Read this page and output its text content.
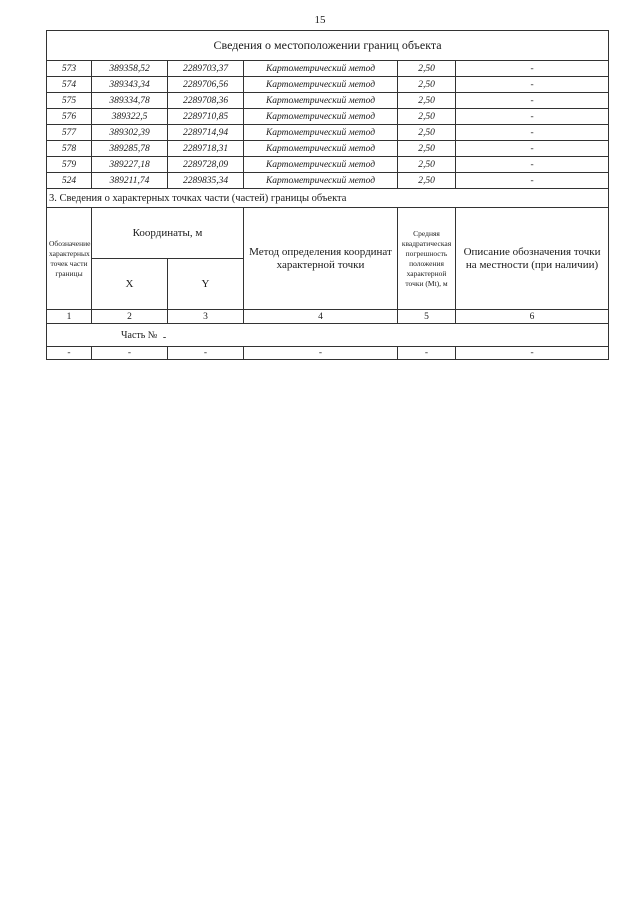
15
Сведения о местоположении границ объекта					
573	389358,52	2289703,37	Картометрический метод	2,50	-
574	389343,34	2289706,56	Картометрический метод	2,50	-
575	389334,78	2289708,36	Картометрический метод	2,50	-
576	389322,5	2289710,85	Картометрический метод	2,50	-
577	389302,39	2289714,94	Картометрический метод	2,50	-
578	389285,78	2289718,31	Картометрический метод	2,50	-
579	389227,18	2289728,09	Картометрический метод	2,50	-
524	389211,74	2289835,34	Картометрический метод	2,50	-
3. Сведения о характерных точках части (частей) границы объекта					
Обозначение характерных точек части границы	Координаты, м		Метод определения координат характерной точки	Средняя квадратическая погрешность положения характерной точки (Mt), м	Описание обозначения точки на местности (при наличии)
	X	Y			
1	2	3	4	5	6
Часть № -					
-	-	-	-	-	-
